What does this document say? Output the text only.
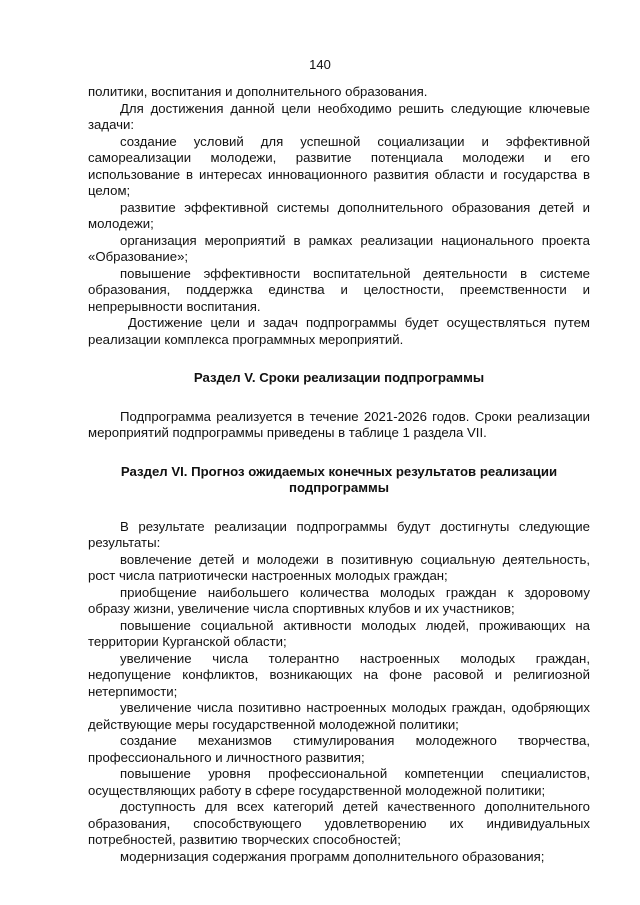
140

политики, воспитания и дополнительного образования.

Для достижения данной цели необходимо решить следующие ключевые задачи:

создание условий для успешной социализации и эффективной самореализации молодежи, развитие потенциала молодежи и его использование в интересах инновационного развития области и государства в целом;

развитие эффективной системы дополнительного образования детей и молодежи;

организация мероприятий в рамках реализации национального проекта «Образование»;

повышение эффективности воспитательной деятельности в системе образования, поддержка единства и целостности, преемственности и непрерывности воспитания.

Достижение цели и задач подпрограммы будет осуществляться путем реализации комплекса программных мероприятий.

Раздел V. Сроки реализации подпрограммы

Подпрограмма реализуется в течение 2021-2026 годов. Сроки реализации мероприятий подпрограммы приведены в таблице 1 раздела VII.

Раздел VI. Прогноз ожидаемых конечных результатов реализации
подпрограммы

В результате реализации подпрограммы будут достигнуты следующие результаты:

вовлечение детей и молодежи в позитивную социальную деятельность, рост числа патриотически настроенных молодых граждан;

приобщение наибольшего количества молодых граждан к здоровому образу жизни, увеличение числа спортивных клубов и их участников;

повышение социальной активности молодых людей, проживающих на территории Курганской области;

увеличение числа толерантно настроенных молодых граждан, недопущение конфликтов, возникающих на фоне расовой и религиозной нетерпимости;

увеличение числа позитивно настроенных молодых граждан, одобряющих действующие меры государственной молодежной политики;

создание механизмов стимулирования молодежного творчества, профессионального и личностного развития;

повышение уровня профессиональной компетенции специалистов, осуществляющих работу в сфере государственной молодежной политики;

доступность для всех категорий детей качественного дополнительного образования, способствующего удовлетворению их индивидуальных потребностей, развитию творческих способностей;

модернизация содержания программ дополнительного образования;
